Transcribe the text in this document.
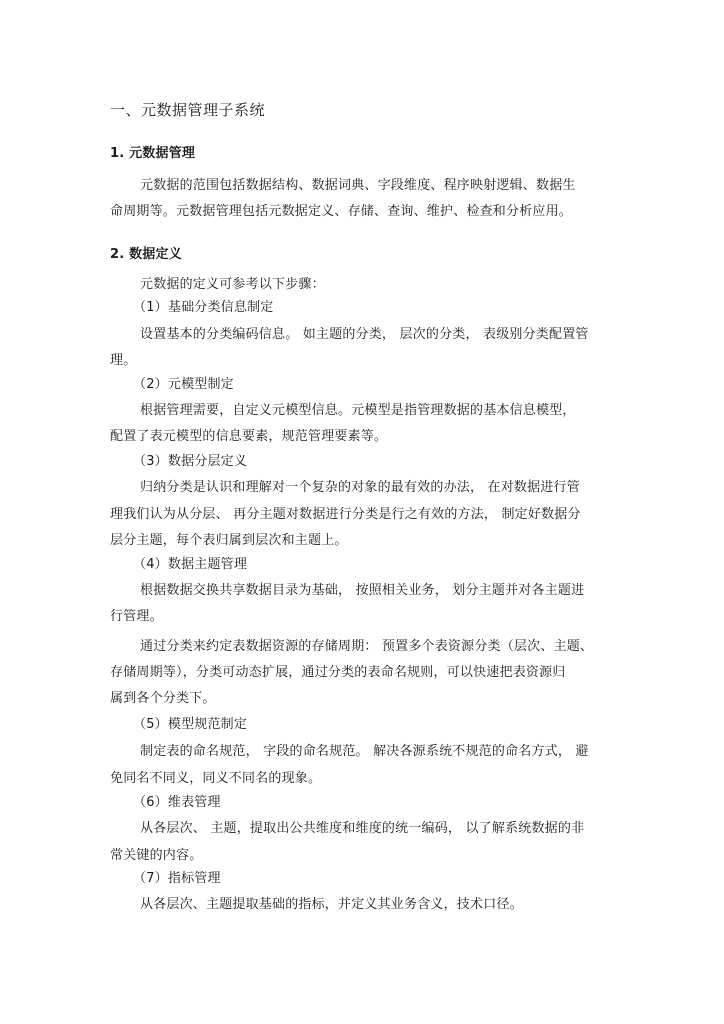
一、元数据管理子系统
1. 元数据管理
元数据的范围包括数据结构、数据词典、字段维度、程序映射逻辑、数据生
命周期等。元数据管理包括元数据定义、存储、查询、维护、检查和分析应用。
2. 数据定义
元数据的定义可参考以下步骤：
（1）基础分类信息制定
设置基本的分类编码信息。 如主题的分类， 层次的分类， 表级别分类配置管
理。
（2）元模型制定
根据管理需要，自定义元模型信息。元模型是指管理数据的基本信息模型，
配置了表元模型的信息要素，规范管理要素等。
（3）数据分层定义
归纳分类是认识和理解对一个复杂的对象的最有效的办法， 在对数据进行管
理我们认为从分层、 再分主题对数据进行分类是行之有效的方法， 制定好数据分
层分主题，每个表归属到层次和主题上。
（4）数据主题管理
根据数据交换共享数据目录为基础， 按照相关业务， 划分主题并对各主题进
行管理。
通过分类来约定表数据资源的存储周期： 预置多个表资源分类（层次、主题、
存储周期等），分类可动态扩展，通过分类的表命名规则，可以快速把表资源归
属到各个分类下。
（5）模型规范制定
制定表的命名规范， 字段的命名规范。 解决各源系统不规范的命名方式， 避
免同名不同义，同义不同名的现象。
（6）维表管理
从各层次、 主题，提取出公共维度和维度的统一编码， 以了解系统数据的非
常关键的内容。
（7）指标管理
从各层次、主题提取基础的指标，并定义其业务含义，技术口径。
